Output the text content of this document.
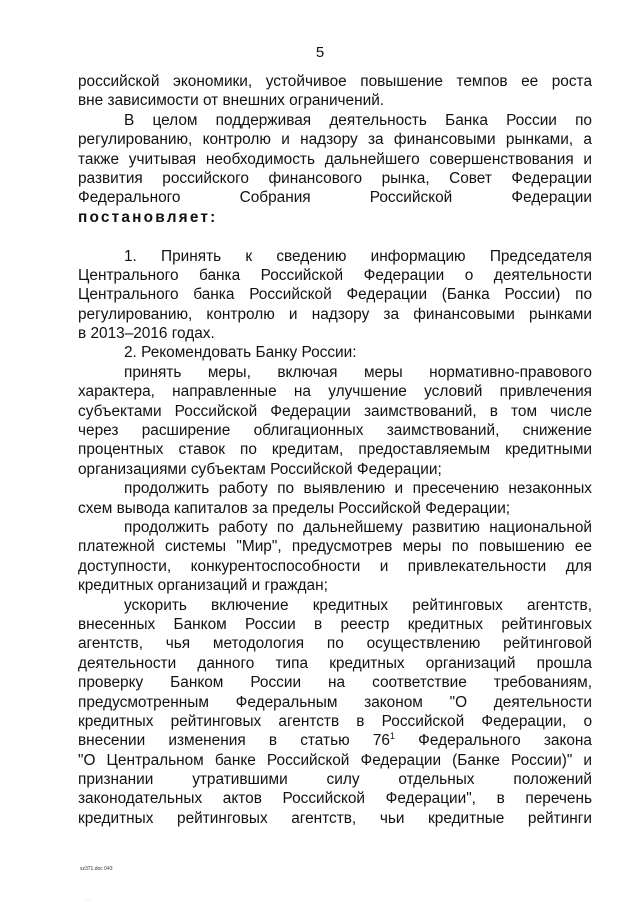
5
российской экономики, устойчивое повышение темпов ее роста
вне зависимости от внешних ограничений.
В целом поддерживая деятельность Банка России по
регулированию, контролю и надзору за финансовыми рынками, а
также учитывая необходимость дальнейшего совершенствования и
развития российского финансового рынка, Совет Федерации
Федерального Собрания Российской Федерации
постановляет:
1. Принять к сведению информацию Председателя
Центрального банка Российской Федерации о деятельности
Центрального банка Российской Федерации (Банка России) по
регулированию, контролю и надзору за финансовыми рынками
в 2013–2016 годах.
2. Рекомендовать Банку России:
принять меры, включая меры нормативно-правового
характера, направленные на улучшение условий привлечения
субъектами Российской Федерации заимствований, в том числе
через расширение облигационных заимствований, снижение
процентных ставок по кредитам, предоставляемым кредитными
организациями субъектам Российской Федерации;
продолжить работу по выявлению и пресечению незаконных
схем вывода капиталов за пределы Российской Федерации;
продолжить работу по дальнейшему развитию национальной
платежной системы "Мир", предусмотрев меры по повышению ее
доступности, конкурентоспособности и привлекательности для
кредитных организаций и граждан;
ускорить включение кредитных рейтинговых агентств,
внесенных Банком России в реестр кредитных рейтинговых
агентств, чья методология по осуществлению рейтинговой
деятельности данного типа кредитных организаций прошла
проверку Банком России на соответствие требованиям,
предусмотренным Федеральным законом "О деятельности
кредитных рейтинговых агентств в Российской Федерации, о
внесении изменения в статью $76^1$ Федерального закона
"О Центральном банке Российской Федерации (Банке России)" и
признании утратившими силу отдельных положений
законодательных актов Российской Федерации", в перечень
кредитных рейтинговых агентств, чьи кредитные рейтинги
sz371.doc 043
. .
